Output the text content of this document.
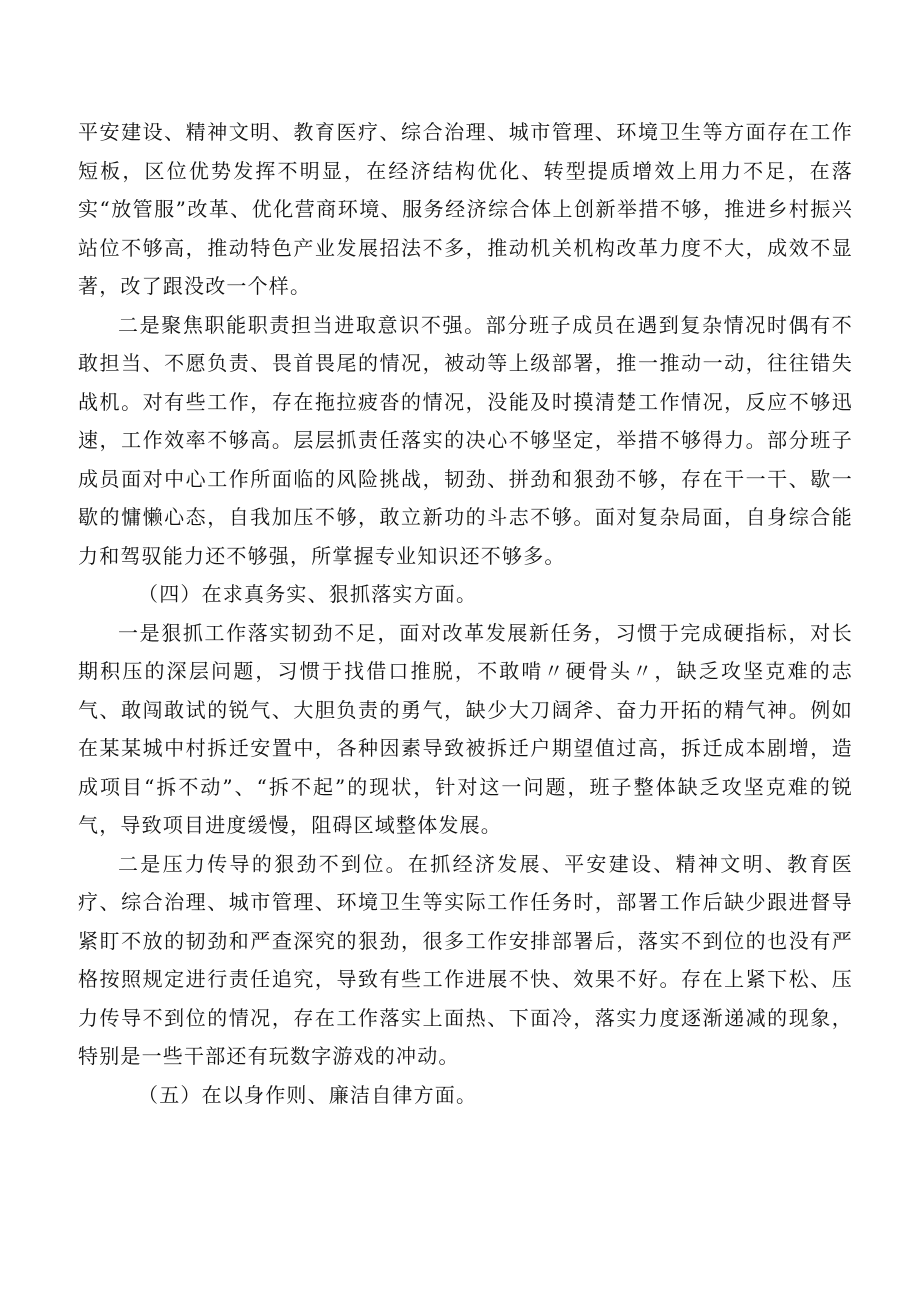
平安建设、精神文明、教育医疗、综合治理、城市管理、环境卫生等方面存在工作短板，区位优势发挥不明显，在经济结构优化、转型提质增效上用力不足，在落实“放管服”改革、优化营商环境、服务经济综合体上创新举措不够，推进乡村振兴站位不够高，推动特色产业发展招法不多，推动机关机构改革力度不大，成效不显著，改了跟没改一个样。

二是聚焦职能职责担当进取意识不强。部分班子成员在遇到复杂情况时偶有不敢担当、不愿负责、畏首畏尾的情况，被动等上级部署，推一推动一动，往往错失战机。对有些工作，存在拖拉疲沓的情况，没能及时摸清楚工作情况，反应不够迅速，工作效率不够高。层层抓责任落实的决心不够坚定，举措不够得力。部分班子成员面对中心工作所面临的风险挑战，韧劲、拼劲和狠劲不够，存在干一干、歇一歇的慵懒心态，自我加压不够，敢立新功的斗志不够。面对复杂局面，自身综合能力和驾驭能力还不够强，所掌握专业知识还不够多。

（四）在求真务实、狠抓落实方面。

一是狠抓工作落实韧劲不足，面对改革发展新任务，习惯于完成硬指标，对长期积压的深层问题，习惯于找借口推脱，不敢啃〃硬骨头〃，缺乏攻坚克难的志气、敢闯敢试的锐气、大胆负责的勇气，缺少大刀阔斧、奋力开拓的精气神。例如在某某城中村拆迁安置中，各种因素导致被拆迁户期望值过高，拆迁成本剧增，造成项目“拆不动”、“拆不起”的现状，针对这一问题，班子整体缺乏攻坚克难的锐气，导致项目进度缓慢，阻碍区域整体发展。

二是压力传导的狠劲不到位。在抓经济发展、平安建设、精神文明、教育医疗、综合治理、城市管理、环境卫生等实际工作任务时，部署工作后缺少跟进督导紧盯不放的韧劲和严查深究的狠劲，很多工作安排部署后，落实不到位的也没有严格按照规定进行责任追究，导致有些工作进展不快、效果不好。存在上紧下松、压力传导不到位的情况，存在工作落实上面热、下面冷，落实力度逐渐递减的现象，特别是一些干部还有玩数字游戏的冲动。

（五）在以身作则、廉洁自律方面。
